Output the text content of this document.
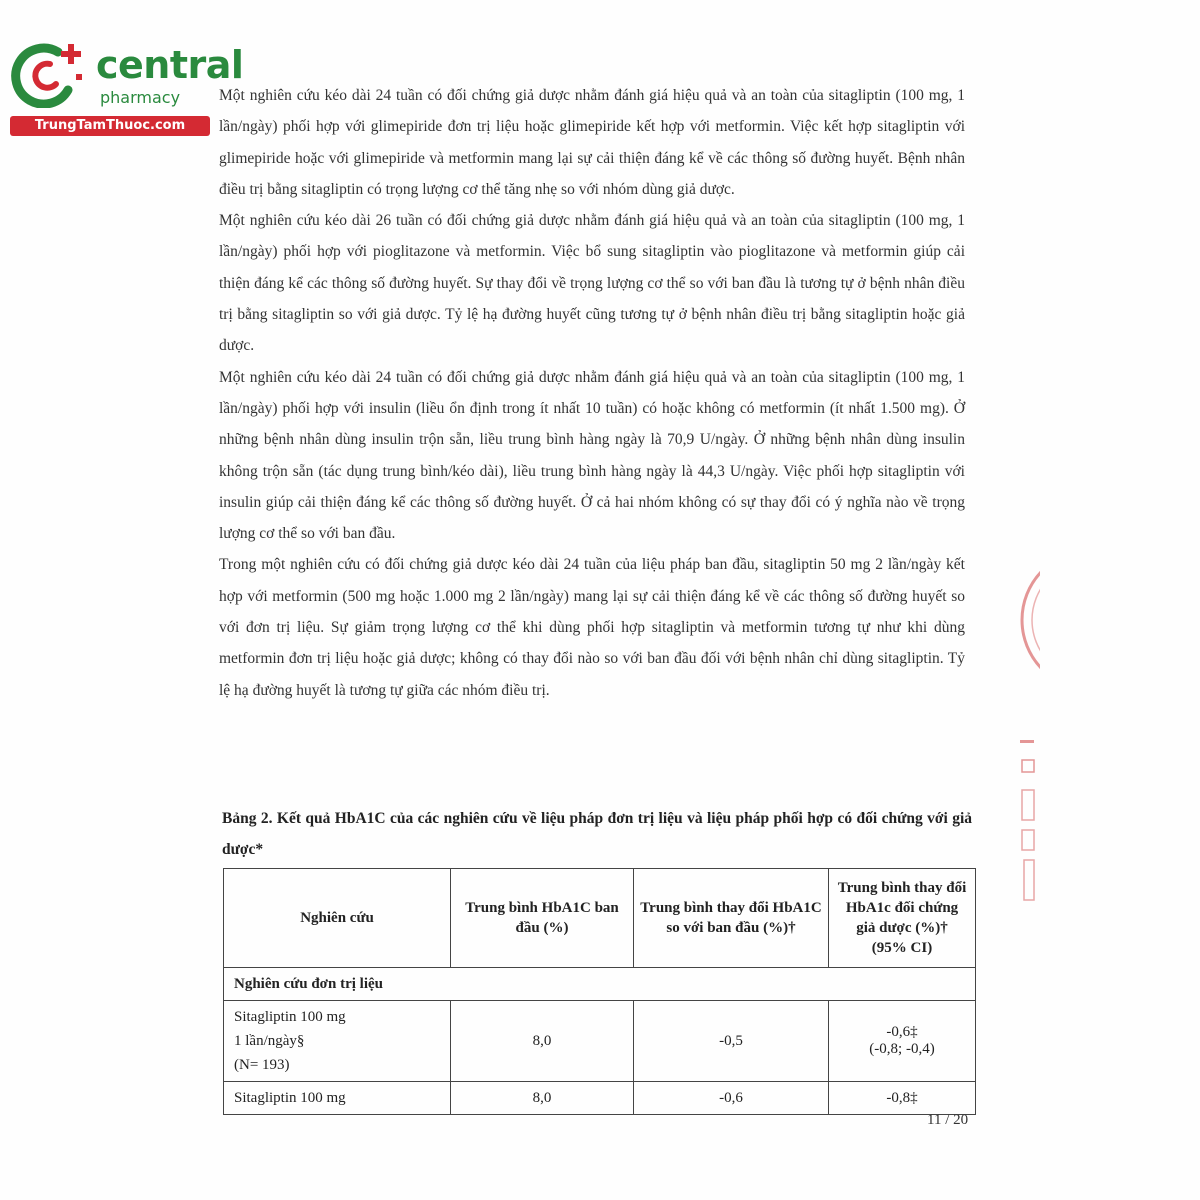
central
pharmacy
TrungTamThuoc.com

Một nghiên cứu kéo dài 24 tuần có đối chứng giả dược nhằm đánh giá hiệu quả và an toàn của sitagliptin (100 mg, 1 lần/ngày) phối hợp với glimepiride đơn trị liệu hoặc glimepiride kết hợp với metformin. Việc kết hợp sitagliptin với glimepiride hoặc với glimepiride và metformin mang lại sự cải thiện đáng kể về các thông số đường huyết. Bệnh nhân điều trị bằng sitagliptin có trọng lượng cơ thể tăng nhẹ so với nhóm dùng giả dược.

Một nghiên cứu kéo dài 26 tuần có đối chứng giả dược nhằm đánh giá hiệu quả và an toàn của sitagliptin (100 mg, 1 lần/ngày) phối hợp với pioglitazone và metformin. Việc bổ sung sitagliptin vào pioglitazone và metformin giúp cải thiện đáng kể các thông số đường huyết. Sự thay đổi về trọng lượng cơ thể so với ban đầu là tương tự ở bệnh nhân điều trị bằng sitagliptin so với giả dược. Tỷ lệ hạ đường huyết cũng tương tự ở bệnh nhân điều trị bằng sitagliptin hoặc giả dược.

Một nghiên cứu kéo dài 24 tuần có đối chứng giả dược nhằm đánh giá hiệu quả và an toàn của sitagliptin (100 mg, 1 lần/ngày) phối hợp với insulin (liều ổn định trong ít nhất 10 tuần) có hoặc không có metformin (ít nhất 1.500 mg). Ở những bệnh nhân dùng insulin trộn sẵn, liều trung bình hàng ngày là 70,9 U/ngày. Ở những bệnh nhân dùng insulin không trộn sẵn (tác dụng trung bình/kéo dài), liều trung bình hàng ngày là 44,3 U/ngày. Việc phối hợp sitagliptin với insulin giúp cải thiện đáng kể các thông số đường huyết. Ở cả hai nhóm không có sự thay đổi có ý nghĩa nào về trọng lượng cơ thể so với ban đầu.

Trong một nghiên cứu có đối chứng giả dược kéo dài 24 tuần của liệu pháp ban đầu, sitagliptin 50 mg 2 lần/ngày kết hợp với metformin (500 mg hoặc 1.000 mg 2 lần/ngày) mang lại sự cải thiện đáng kể về các thông số đường huyết so với đơn trị liệu. Sự giảm trọng lượng cơ thể khi dùng phối hợp sitagliptin và metformin tương tự như khi dùng metformin đơn trị liệu hoặc giả dược; không có thay đổi nào so với ban đầu đối với bệnh nhân chỉ dùng sitagliptin. Tỷ lệ hạ đường huyết là tương tự giữa các nhóm điều trị.

Bảng 2. Kết quả HbA1C của các nghiên cứu về liệu pháp đơn trị liệu và liệu pháp phối hợp có đối chứng với giả dược*
Nghiên cứu	Trung bình HbA1C ban đầu (%)	Trung bình thay đổi HbA1C so với ban đầu (%)†	Trung bình thay đổi HbA1c đối chứng giả dược (%)†
(95% CI)

Nghiên cứu đơn trị liệu			

Sitagliptin 100 mg
1 lần/ngày§
(N= 193)	8,0	-0,5	-0,6‡
(-0,8; -0,4)

Sitagliptin 100 mg	8,0	-0,6	-0,8‡
11 / 20
